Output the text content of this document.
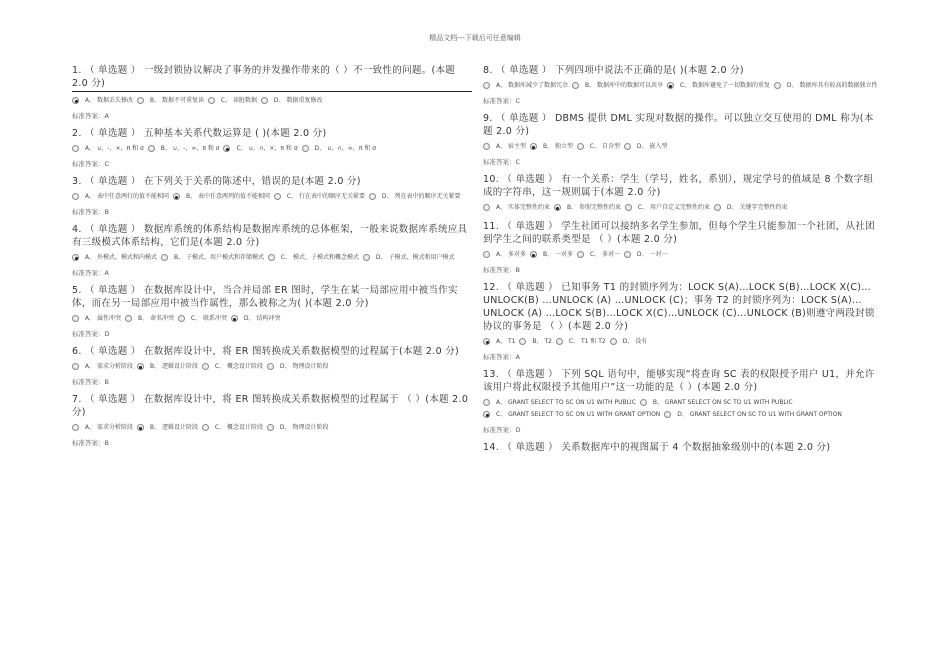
精品文档---下载后可任意编辑
1. （ 单选题 ） 一级封锁协议解决了事务的并发操作带来的（ ）不一致性的问题。(本题 2.0 分)
A、 数据丢失修改	B、 数据不可重复读	C、 读脏数据	D、 数据重复修改
标准答案：A
2. （ 单选题 ） 五种基本关系代数运算是 ( )(本题 2.0 分)
A、 ∪，-，×，π 和 σ	B、 ∪，-，∞，π 和 σ	C、 ∪，∩，×，π 和 σ	D、 ∪，∩，∞，π 和 σ
标准答案：C
3. （ 单选题 ） 在下列关于关系的陈述中，错误的是(本题 2.0 分)
A、 表中任意两行的值不能相同	B、 表中任意两列的值不能相同	C、 行在表中的顺序无关紧要	D、 列在表中的顺序无关紧要
标准答案：B
4. （ 单选题 ） 数据库系统的体系结构是数据库系统的总体框架，一般来说数据库系统应具有三级模式体系结构，它们是(本题 2.0 分)
A、 外模式、模式和内模式	B、 子模式、用户模式和存储模式	C、 模式、子模式和概念模式	D、 子模式、模式和用户模式
标准答案：A
5. （ 单选题 ） 在数据库设计中，当合并局部 ER 图时，学生在某一局部应用中被当作实体，而在另一局部应用中被当作属性，那么被称之为( )(本题 2.0 分)
A、 属性冲突	B、 命名冲突	C、 联系冲突	D、 结构冲突
标准答案：D
6. （ 单选题 ） 在数据库设计中，将 ER 图转换成关系数据模型的过程属于(本题 2.0 分)
A、 需求分析阶段	B、 逻辑设计阶段	C、 概念设计阶段	D、 物理设计阶段
标准答案：B
7. （ 单选题 ） 在数据库设计中，将 ER 图转换成关系数据模型的过程属于 （ ）(本题 2.0 分)
A、 需求分析阶段	B、 逻辑设计阶段	C、 概念设计阶段	D、 物理设计阶段
标准答案：B
8. （ 单选题 ） 下列四项中说法不正确的是( )(本题 2.0 分)
A、 数据库减少了数据冗余	B、 数据库中的数据可以共享	C、 数据库避免了一切数据的重复	D、 数据库具有较高的数据独立性
标准答案：C
9. （ 单选题 ） DBMS 提供 DML 实现对数据的操作。可以独立交互使用的 DML 称为(本题 2.0 分)
A、 宿主型	B、 独立型	C、 自含型	D、 嵌入型
标准答案：C
10. （ 单选题 ） 有一个关系：学生（学号，姓名，系别），规定学号的值域是 8 个数字组成的字符串，这一规则属于(本题 2.0 分)
A、 实体完整性约束	B、 参照完整性约束	C、 用户自定义完整性约束	D、 关键字完整性约束
11. （ 单选题 ） 学生社团可以接纳多名学生参加，但每个学生只能参加一个社团，从社团到学生之间的联系类型是 （ ）(本题 2.0 分)
A、 多对多	B、 一对多	C、 多对一	D、 一对一
标准答案：B
12. （ 单选题 ） 已知事务 T1 的封锁序列为：LOCK S(A)…LOCK S(B)…LOCK X(C)…UNLOCK(B) …UNLOCK (A) …UNLOCK (C)；事务 T2 的封锁序列为：LOCK S(A)…UNLOCK (A) …LOCK S(B)…LOCK X(C)…UNLOCK (C)…UNLOCK (B)则遵守两段封锁协议的事务是 （ ）(本题 2.0 分)
A、 T1	B、 T2	C、 T1 和 T2	D、 没有
标准答案：A
13. （ 单选题 ） 下列 SQL 语句中，能够实现“将查询 SC 表的权限授予用户 U1，并允许该用户将此权限授予其他用户”这一功能的是（ ）(本题 2.0 分)
A、 GRANT SELECT TO SC ON U1 WITH PUBLIC	B、 GRANT SELECT ON SC TO U1 WITH PUBLIC C、 GRANT SELECT TO SC ON U1 WITH GRANT OPTION	D、 GRANT SELECT ON SC TO U1 WITH GRANT OPTION
标准答案：D
14. （ 单选题 ） 关系数据库中的视图属于 4 个数据抽象级别中的(本题 2.0 分)
